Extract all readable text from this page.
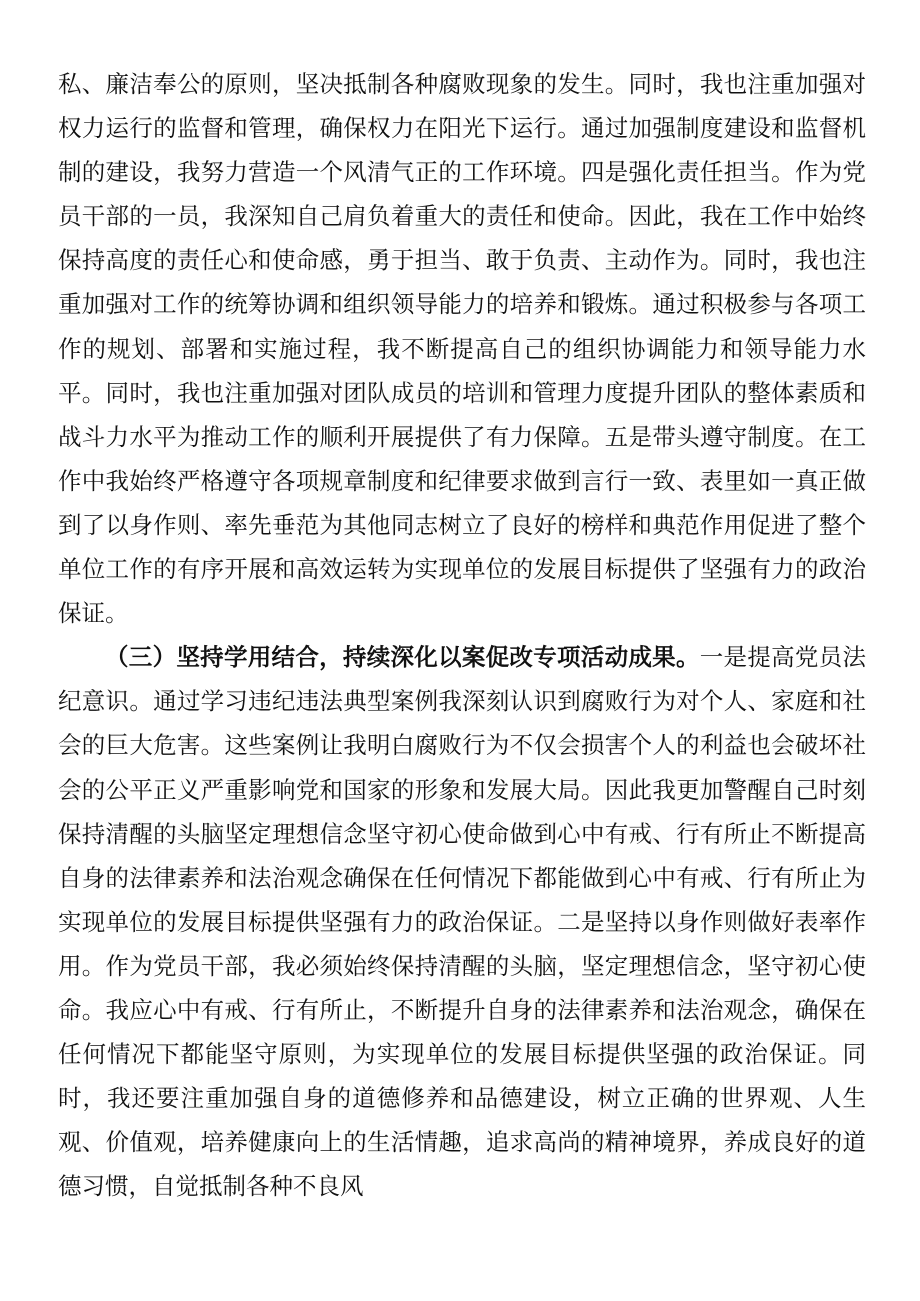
私、廉洁奉公的原则，坚决抵制各种腐败现象的发生。同时，我也注重加强对权力运行的监督和管理，确保权力在阳光下运行。通过加强制度建设和监督机制的建设，我努力营造一个风清气正的工作环境。四是强化责任担当。作为党员干部的一员，我深知自己肩负着重大的责任和使命。因此，我在工作中始终保持高度的责任心和使命感，勇于担当、敢于负责、主动作为。同时，我也注重加强对工作的统筹协调和组织领导能力的培养和锻炼。通过积极参与各项工作的规划、部署和实施过程，我不断提高自己的组织协调能力和领导能力水平。同时，我也注重加强对团队成员的培训和管理力度提升团队的整体素质和战斗力水平为推动工作的顺利开展提供了有力保障。五是带头遵守制度。在工作中我始终严格遵守各项规章制度和纪律要求做到言行一致、表里如一真正做到了以身作则、率先垂范为其他同志树立了良好的榜样和典范作用促进了整个单位工作的有序开展和高效运转为实现单位的发展目标提供了坚强有力的政治保证。

（三）坚持学用结合，持续深化以案促改专项活动成果。一是提高党员法纪意识。通过学习违纪违法典型案例我深刻认识到腐败行为对个人、家庭和社会的巨大危害。这些案例让我明白腐败行为不仅会损害个人的利益也会破坏社会的公平正义严重影响党和国家的形象和发展大局。因此我更加警醒自己时刻保持清醒的头脑坚定理想信念坚守初心使命做到心中有戒、行有所止不断提高自身的法律素养和法治观念确保在任何情况下都能做到心中有戒、行有所止为实现单位的发展目标提供坚强有力的政治保证。二是坚持以身作则做好表率作用。作为党员干部，我必须始终保持清醒的头脑，坚定理想信念，坚守初心使命。我应心中有戒、行有所止，不断提升自身的法律素养和法治观念，确保在任何情况下都能坚守原则，为实现单位的发展目标提供坚强的政治保证。同时，我还要注重加强自身的道德修养和品德建设，树立正确的世界观、人生观、价值观，培养健康向上的生活情趣，追求高尚的精神境界，养成良好的道德习惯，自觉抵制各种不良风
